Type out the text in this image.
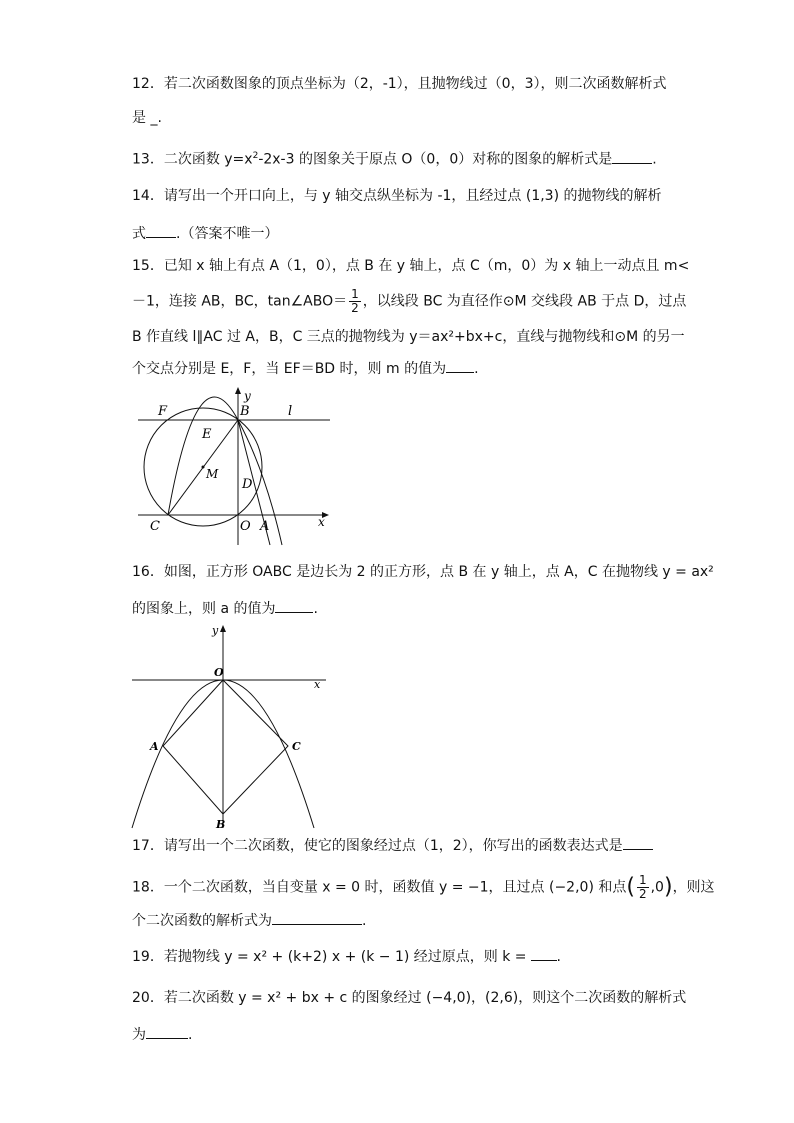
12．若二次函数图象的顶点坐标为（2，-1），且抛物线过（0，3），则二次函数解析式
是 _.
13．二次函数 $y=x^2-2x-3$ 的图象关于原点 O（0，0）对称的图象的解析式是	.
14．请写出一个开口向上，与 y 轴交点纵坐标为 -1，且经过点 (1,3) 的抛物线的解析
式 .（答案不唯一）
15．已知 x 轴上有点 A（1，0），点 B 在 y 轴上，点 C（m，0）为 x 轴上一动点且 m<
－1，连接 AB，BC，tan∠ABO＝ $\frac{1}{2}$ ，以线段 BC 为直径作⊙M 交线段 AB 于点 D，过点
B 作直线 l∥AC 过 A，B，C 三点的抛物线为 y＝ax²+bx+c，直线与抛物线和⊙M 的另一
个交点分别是 E，F，当 EF＝BD 时，则 m 的值为 .
F	B	l
y
E
M
D
C	O A	x
16．如图，正方形 OABC 是边长为 2 的正方形，点 B 在 y 轴上，点 A，C 在抛物线 y = ax²
的图象上，则 a 的值为	.
y
O
x
A	C
B
17．请写出一个二次函数，使它的图象经过点（1，2），你写出的函数表达式是
18．一个二次函数，当自变量 x = 0 时，函数值 y = −1，且过点 (−2,0) 和点( $\frac{1}{2} ,0$)，则这
个二次函数的解析式为	.
19．若抛物线 y = x² + (k+2) x + (k − 1) 经过原点，则 k = .
20．若二次函数 y = x² + bx + c 的图象经过 (−4,0)，(2,6)，则这个二次函数的解析式
为	.
